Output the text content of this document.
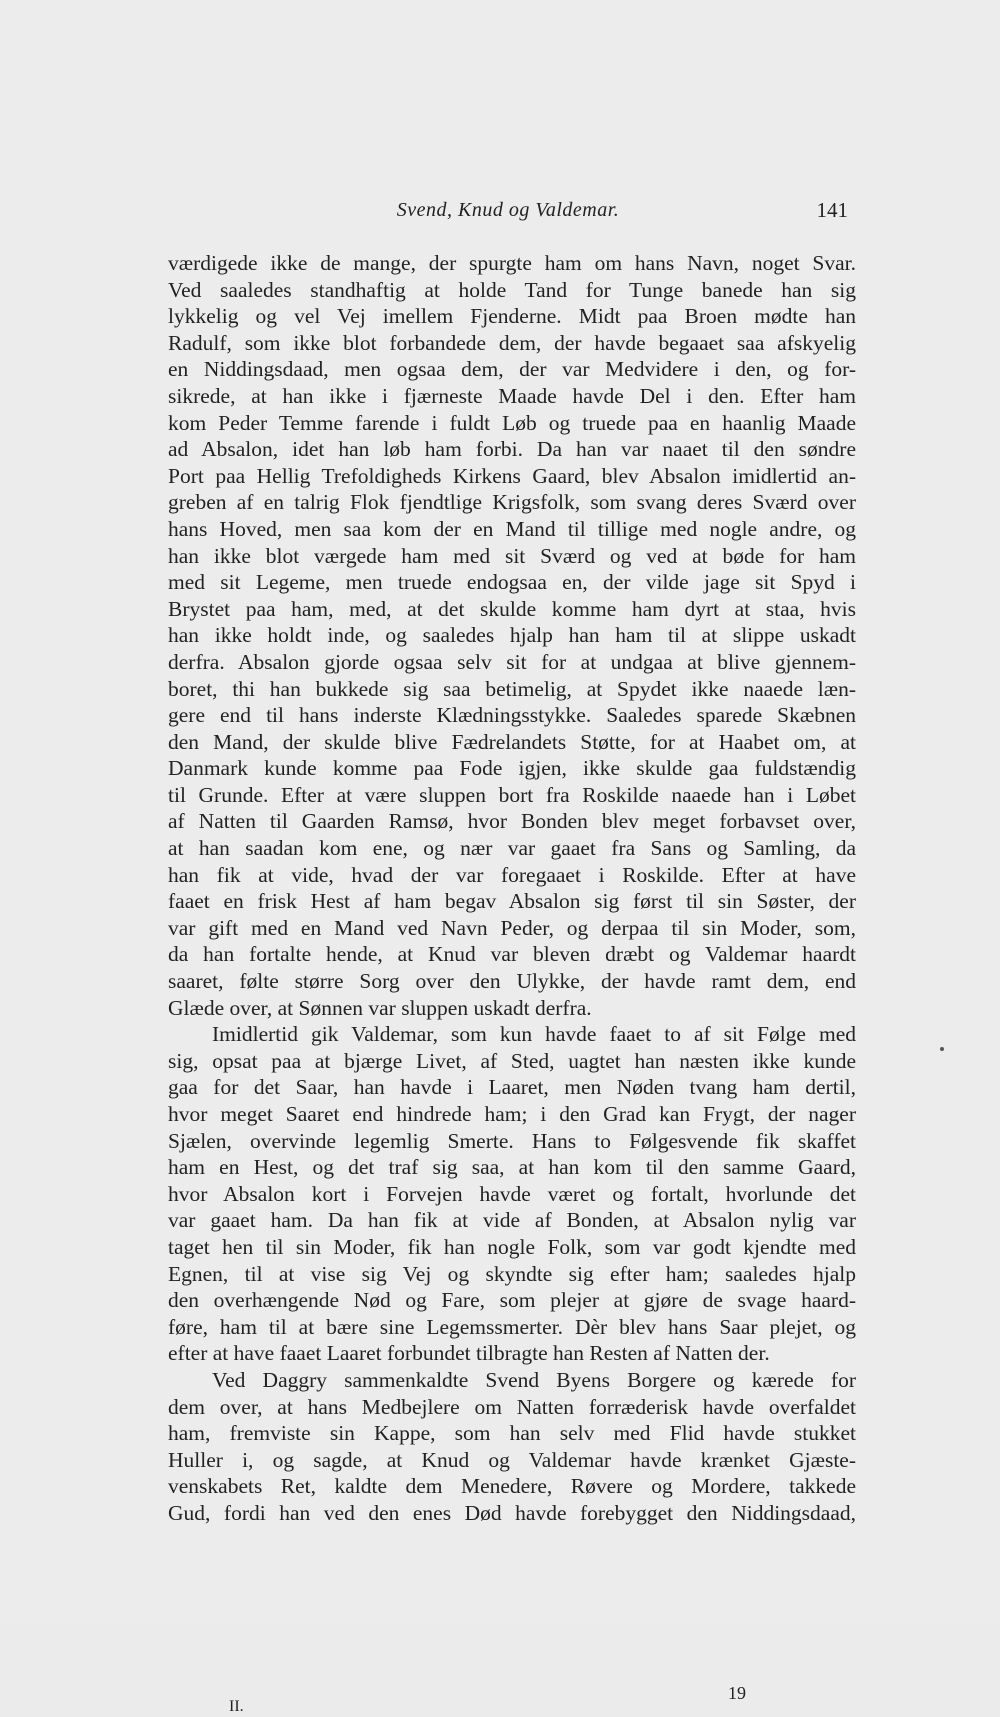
Svend, Knud og Valdemar.	141
værdigede ikke de mange, der spurgte ham om hans Navn, noget Svar.
Ved saaledes standhaftig at holde Tand for Tunge banede han sig
lykkelig og vel Vej imellem Fjenderne. Midt paa Broen mødte han
Radulf, som ikke blot forbandede dem, der havde begaaet saa afskyelig
en Niddingsdaad, men ogsaa dem, der var Medvidere i den, og for-
sikrede, at han ikke i fjærneste Maade havde Del i den. Efter ham
kom Peder Temme farende i fuldt Løb og truede paa en haanlig Maade
ad Absalon, idet han løb ham forbi. Da han var naaet til den søndre
Port paa Hellig Trefoldigheds Kirkens Gaard, blev Absalon imidlertid an-
greben af en talrig Flok fjendtlige Krigsfolk, som svang deres Sværd over
hans Hoved, men saa kom der en Mand til tillige med nogle andre, og
han ikke blot værgede ham med sit Sværd og ved at bøde for ham
med sit Legeme, men truede endogsaa en, der vilde jage sit Spyd i
Brystet paa ham, med, at det skulde komme ham dyrt at staa, hvis
han ikke holdt inde, og saaledes hjalp han ham til at slippe uskadt
derfra. Absalon gjorde ogsaa selv sit for at undgaa at blive gjennem-
boret, thi han bukkede sig saa betimelig, at Spydet ikke naaede læn-
gere end til hans inderste Klædningsstykke. Saaledes sparede Skæbnen
den Mand, der skulde blive Fædrelandets Støtte, for at Haabet om, at
Danmark kunde komme paa Fode igjen, ikke skulde gaa fuldstændig
til Grunde. Efter at være sluppen bort fra Roskilde naaede han i Løbet
af Natten til Gaarden Ramsø, hvor Bonden blev meget forbavset over,
at han saadan kom ene, og nær var gaaet fra Sans og Samling, da
han fik at vide, hvad der var foregaaet i Roskilde. Efter at have
faaet en frisk Hest af ham begav Absalon sig først til sin Søster, der
var gift med en Mand ved Navn Peder, og derpaa til sin Moder, som,
da han fortalte hende, at Knud var bleven dræbt og Valdemar haardt
saaret, følte større Sorg over den Ulykke, der havde ramt dem, end
Glæde over, at Sønnen var sluppen uskadt derfra.
Imidlertid gik Valdemar, som kun havde faaet to af sit Følge med
sig, opsat paa at bjærge Livet, af Sted, uagtet han næsten ikke kunde
gaa for det Saar, han havde i Laaret, men Nøden tvang ham dertil,
hvor meget Saaret end hindrede ham; i den Grad kan Frygt, der nager
Sjælen, overvinde legemlig Smerte. Hans to Følgesvende fik skaffet
ham en Hest, og det traf sig saa, at han kom til den samme Gaard,
hvor Absalon kort i Forvejen havde været og fortalt, hvorlunde det
var gaaet ham. Da han fik at vide af Bonden, at Absalon nylig var
taget hen til sin Moder, fik han nogle Folk, som var godt kjendte med
Egnen, til at vise sig Vej og skyndte sig efter ham; saaledes hjalp
den overhængende Nød og Fare, som plejer at gjøre de svage haard-
føre, ham til at bære sine Legemssmerter. Dèr blev hans Saar plejet, og
efter at have faaet Laaret forbundet tilbragte han Resten af Natten der.
Ved Daggry sammenkaldte Svend Byens Borgere og kærede for
dem over, at hans Medbejlere om Natten forræderisk havde overfaldet
ham, fremviste sin Kappe, som han selv med Flid havde stukket
Huller i, og sagde, at Knud og Valdemar havde krænket Gjæste-
venskabets Ret, kaldte dem Menedere, Røvere og Mordere, takkede
Gud, fordi han ved den enes Død havde forebygget den Niddingsdaad,
II.
19
